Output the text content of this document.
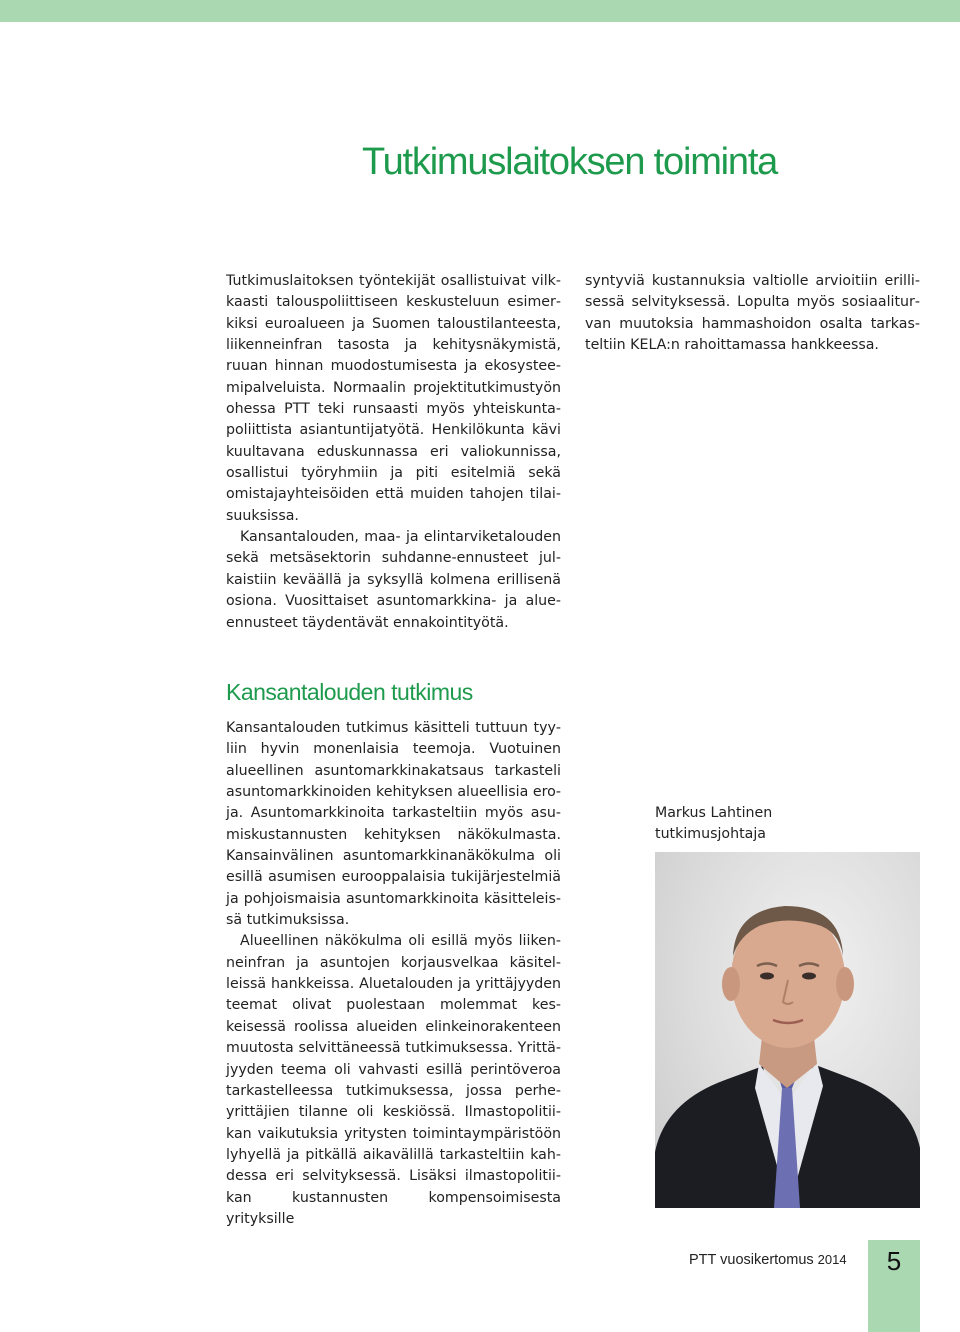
Tutkimuslaitoksen toiminta

Tutkimuslaitoksen työntekijät osallistuivat vilkkaasti talouspoliittiseen keskusteluun esimerkiksi euroalueen ja Suomen taloustilanteesta, liikenneinfran tasosta ja kehitysnäkymistä, ruuan hinnan muodostumisesta ja ekosysteemipalveluista. Normaalin projektitutkimustyön ohessa PTT teki runsaasti myös yhteiskuntapoliittista asiantuntijatyötä. Henkilökunta kävi kuultavana eduskunnassa eri valiokunnissa, osallistui työryhmiin ja piti esitelmiä sekä omistajayhteisöiden että muiden tahojen tilaisuuksissa.

Kansantalouden, maa- ja elintarviketalouden sekä metsäsektorin suhdanne-ennusteet julkaistiin keväällä ja syksyllä kolmena erillisenä osiona. Vuosittaiset asuntomarkkina- ja alueennusteet täydentävät ennakointityötä.

syntyviä kustannuksia valtiolle arvioitiin erillisessä selvityksessä. Lopulta myös sosiaaliturvan muutoksia hammashoidon osalta tarkasteltiin KELA:n rahoittamassa hankkeessa.

Kansantalouden tutkimus

Kansantalouden tutkimus käsitteli tuttuun tyyliin hyvin monenlaisia teemoja. Vuotuinen alueellinen asuntomarkkinakatsaus tarkasteli asuntomarkkinoiden kehityksen alueellisia eroja. Asuntomarkkinoita tarkasteltiin myös asumiskustannusten kehityksen näkökulmasta. Kansainvälinen asuntomarkkinanäkökulma oli esillä asumisen eurooppalaisia tukijärjestelmiä ja pohjoismaisia asuntomarkkinoita käsitteleissä tutkimuksissa.

Alueellinen näkökulma oli esillä myös liikenneinfran ja asuntojen korjausvelkaa käsitelleissä hankkeissa. Aluetalouden ja yrittäjyyden teemat olivat puolestaan molemmat keskeisessä roolissa alueiden elinkeinorakenteen muutosta selvittäneessä tutkimuksessa. Yrittäjyyden teema oli vahvasti esillä perintöveroa tarkastelleessa tutkimuksessa, jossa perheyrittäjien tilanne oli keskiössä. Ilmastopolitiikan vaikutuksia yritysten toimintaympäristöön lyhyellä ja pitkällä aikavälillä tarkasteltiin kahdessa eri selvityksessä. Lisäksi ilmastopolitiikan kustannusten kompensoimisesta yrityksille

Markus Lahtinen
tutkimusjohtaja
PTT vuosikertomus 2014	5
